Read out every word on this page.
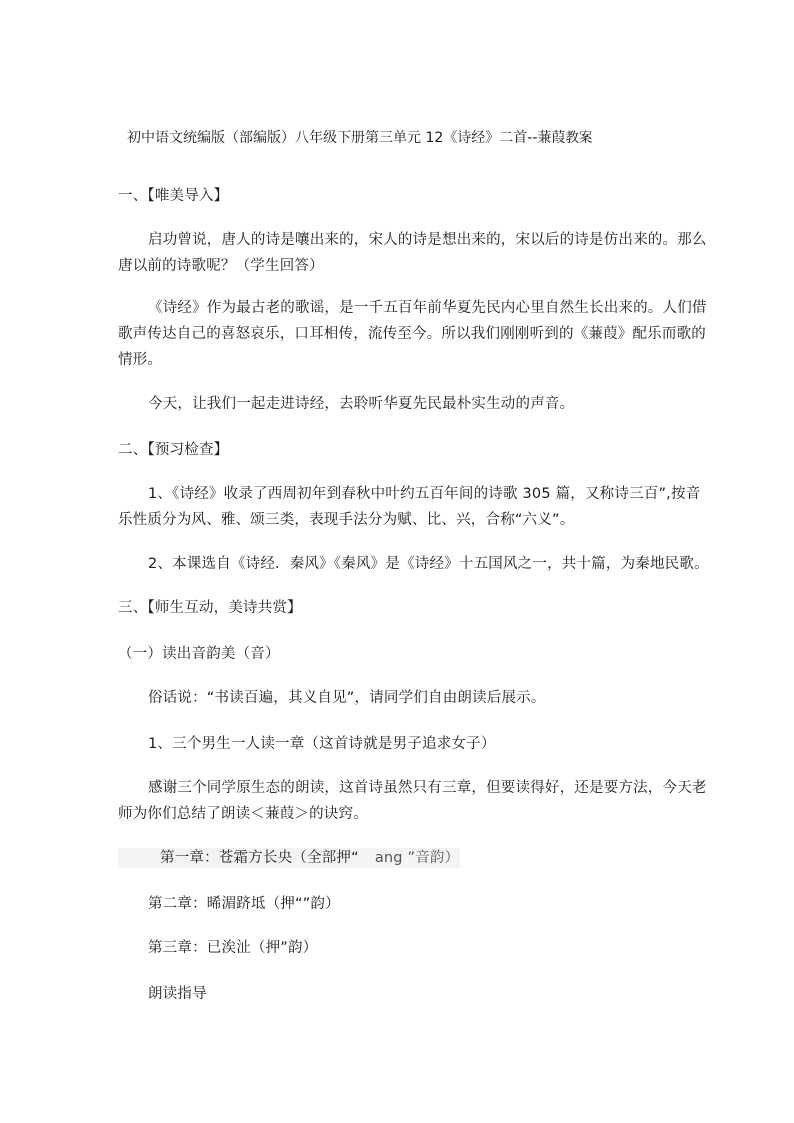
初中语文统编版（部编版）八年级下册第三单元 12《诗经》二首--蒹葭教案
一、【唯美导入】
启功曾说，唐人的诗是嚷出来的，宋人的诗是想出来的，宋以后的诗是仿出来的。那么
唐以前的诗歌呢？（学生回答）
《诗经》作为最古老的歌谣，是一千五百年前华夏先民内心里自然生长出来的。人们借
歌声传达自己的喜怒哀乐，口耳相传，流传至今。所以我们刚刚听到的《蒹葭》配乐而歌的
情形。
今天，让我们一起走进诗经，去聆听华夏先民最朴实生动的声音。
二、【预习检查】
1、《诗经》收录了西周初年到春秋中叶约五百年间的诗歌 305 篇，又称诗三百”,按音
乐性质分为风、雅、颂三类，表现手法分为赋、比、兴，合称“六义”。
2、本课选自《诗经．秦风》《秦风》是《诗经》十五国风之一，共十篇，为秦地民歌。
三、【师生互动，美诗共赏】
（一）读出音韵美（音）
俗话说：“书读百遍，其义自见”，请同学们自由朗读后展示。
1、三个男生一人读一章（这首诗就是男子追求女子）
感谢三个同学原生态的朗读，这首诗虽然只有三章，但要读得好，还是要方法，今天老
师为你们总结了朗读＜蒹葭＞的诀窍。
第一章：苍霜方长央（全部押“ ang ”音韵）
第二章：晞湄跻坻（押“”韵）
第三章：已涘沚（押”韵）
朗读指导
